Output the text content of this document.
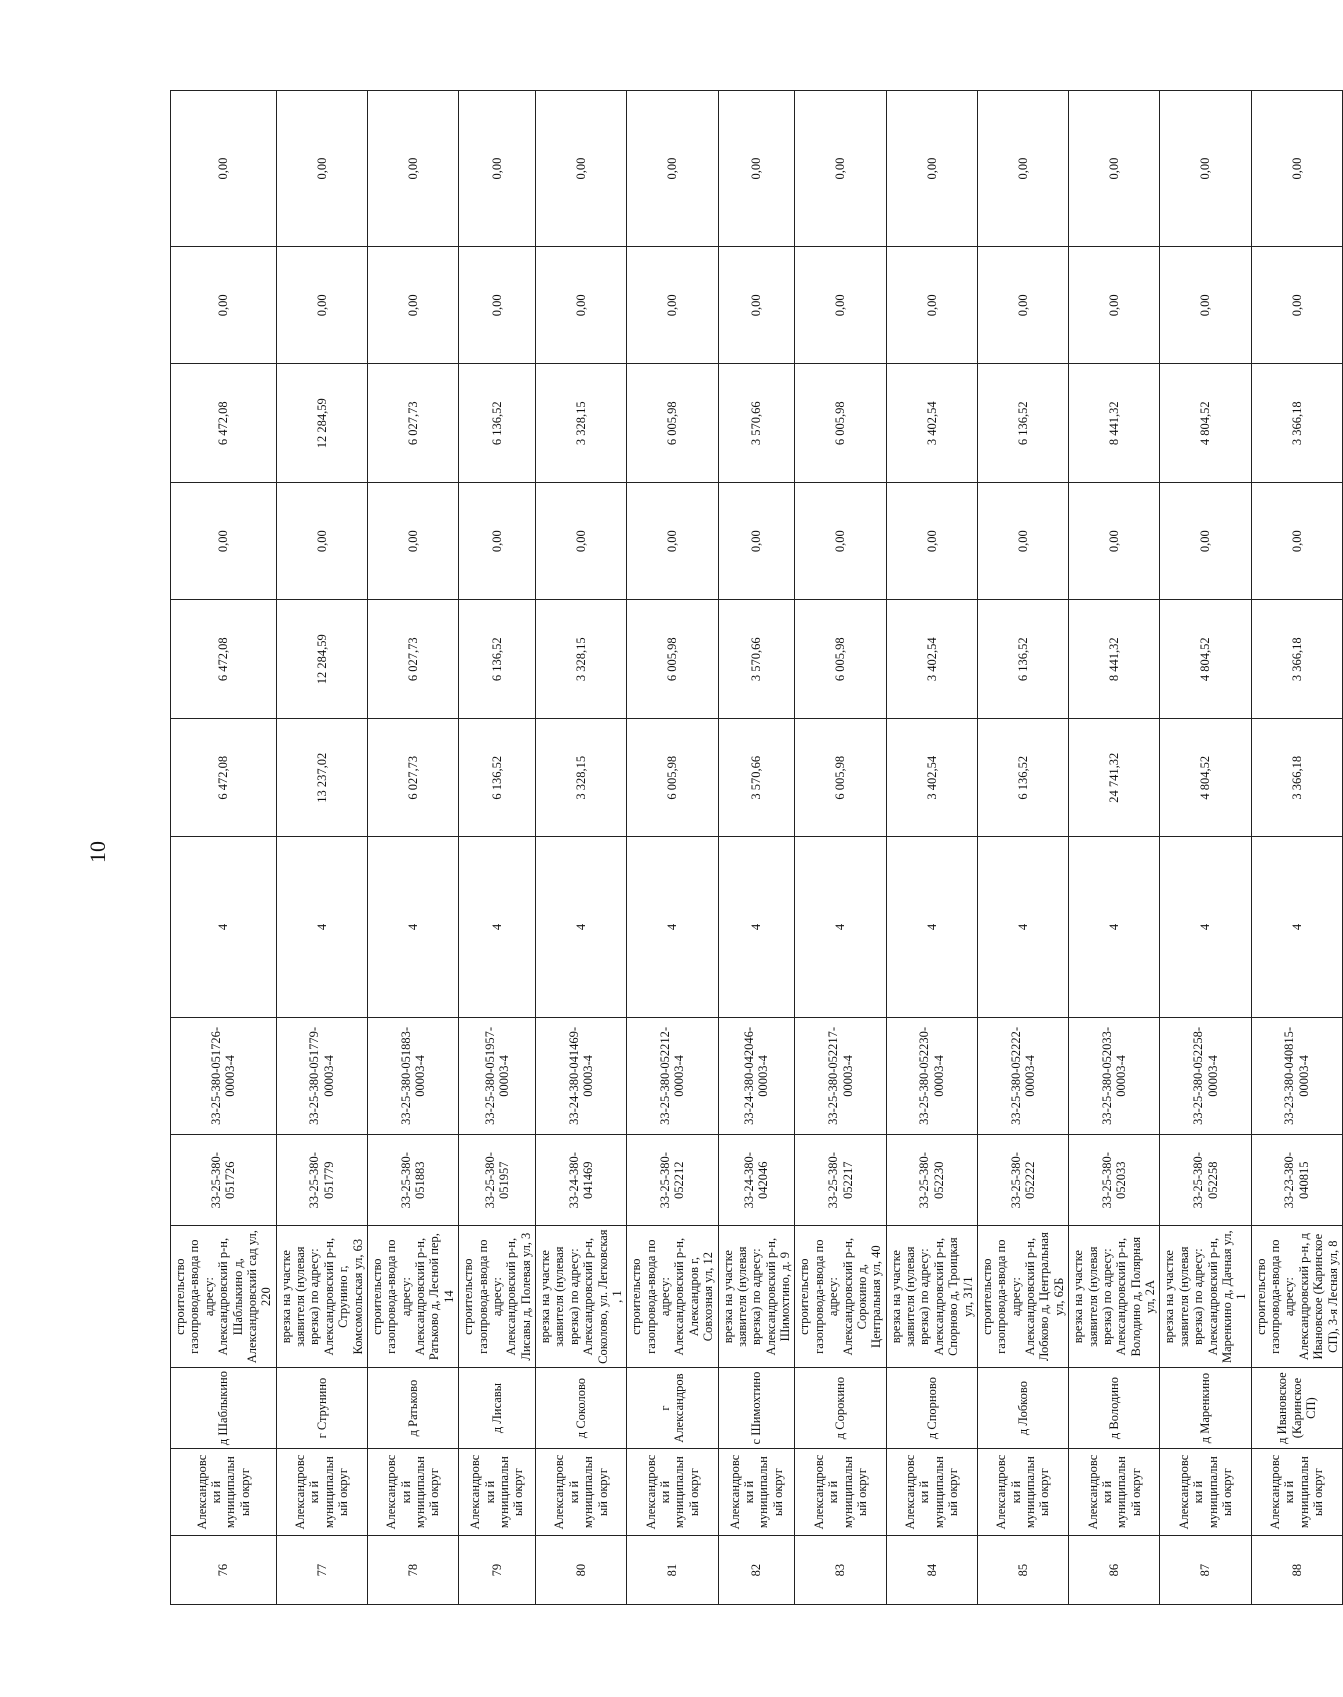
10
76	Александровски й муниципальный округ	д Шаблыкино	строительство газопровода-ввода по адресу: Александровский р-н, Шаблыкино д, Александровский сад ул, 220	33-25-380-051726	33-25-380-051726-00003-4	4	6 472,08	6 472,08	0,00	6 472,08	0,00	0,00
77	Александровски й муниципальный округ	г Струнино	врезка на участке заявителя (нулевая врезка) по адресу: Александровский р-н, Струнино г, Комсомольская ул, 63	33-25-380-051779	33-25-380-051779-00003-4	4	13 237,02	12 284,59	0,00	12 284,59	0,00	0,00
78	Александровски й муниципальный округ	д Ратьково	строительство газопровода-ввода по адресу: Александровский р-н, Ратьково д, Лесной пер, 14	33-25-380-051883	33-25-380-051883-00003-4	4	6 027,73	6 027,73	0,00	6 027,73	0,00	0,00
79	Александровски й муниципальный округ	д Лисавы	строительство газопровода-ввода по адресу: Александровский р-н, Лисавы д, Полевая ул, 3	33-25-380-051957	33-25-380-051957-00003-4	4	6 136,52	6 136,52	0,00	6 136,52	0,00	0,00
80	Александровски й муниципальный округ	д Соколово	врезка на участке заявителя (нулевая врезка) по адресу: Александровский р-н, Соколово, ул. Легковская , 1	33-24-380-041469	33-24-380-041469-00003-4	4	3 328,15	3 328,15	0,00	3 328,15	0,00	0,00
81	Александровски й муниципальный округ	г Александров	строительство газопровода-ввода по адресу: Александровский р-н, Александров г, Совхозная ул, 12	33-25-380-052212	33-25-380-052212-00003-4	4	6 005,98	6 005,98	0,00	6 005,98	0,00	0,00
82	Александровски й муниципальный округ	с Шимохтино	врезка на участке заявителя (нулевая врезка) по адресу: Александровский р-н, Шимохтино, д. 9	33-24-380-042046	33-24-380-042046-00003-4	4	3 570,66	3 570,66	0,00	3 570,66	0,00	0,00
83	Александровски й муниципальный округ	д Сорокино	строительство газопровода-ввода по адресу: Александровский р-н, Сорокино д, Центральная ул, 40	33-25-380-052217	33-25-380-052217-00003-4	4	6 005,98	6 005,98	0,00	6 005,98	0,00	0,00
84	Александровски й муниципальный округ	д Спорново	врезка на участке заявителя (нулевая врезка) по адресу: Александровский р-н, Спорново д, Троицкая ул, 31/1	33-25-380-052230	33-25-380-052230-00003-4	4	3 402,54	3 402,54	0,00	3 402,54	0,00	0,00
85	Александровски й муниципальный округ	д Лобково	строительство газопровода-ввода по адресу: Александровский р-н, Лобково д, Центральная ул, 62Б	33-25-380-052222	33-25-380-052222-00003-4	4	6 136,52	6 136,52	0,00	6 136,52	0,00	0,00
86	Александровски й муниципальный округ	д Володино	врезка на участке заявителя (нулевая врезка) по адресу: Александровский р-н, Володино д, Полярная ул, 2А	33-25-380-052033	33-25-380-052033-00003-4	4	24 741,32	8 441,32	0,00	8 441,32	0,00	0,00
87	Александровски й муниципальный округ	д Маренкино	врезка на участке заявителя (нулевая врезка) по адресу: Александровский р-н, Маренкино д, Дачная ул, 1	33-25-380-052258	33-25-380-052258-00003-4	4	4 804,52	4 804,52	0,00	4 804,52	0,00	0,00
88	Александровски й муниципальный округ	д Ивановское (Каринское СП)	строительство газопровода-ввода по адресу: Александровский р-н, д Ивановское (Каринское СП), 3-я Лесная ул, 8	33-23-380-040815	33-23-380-040815-00003-4	4	3 366,18	3 366,18	0,00	3 366,18	0,00	0,00
